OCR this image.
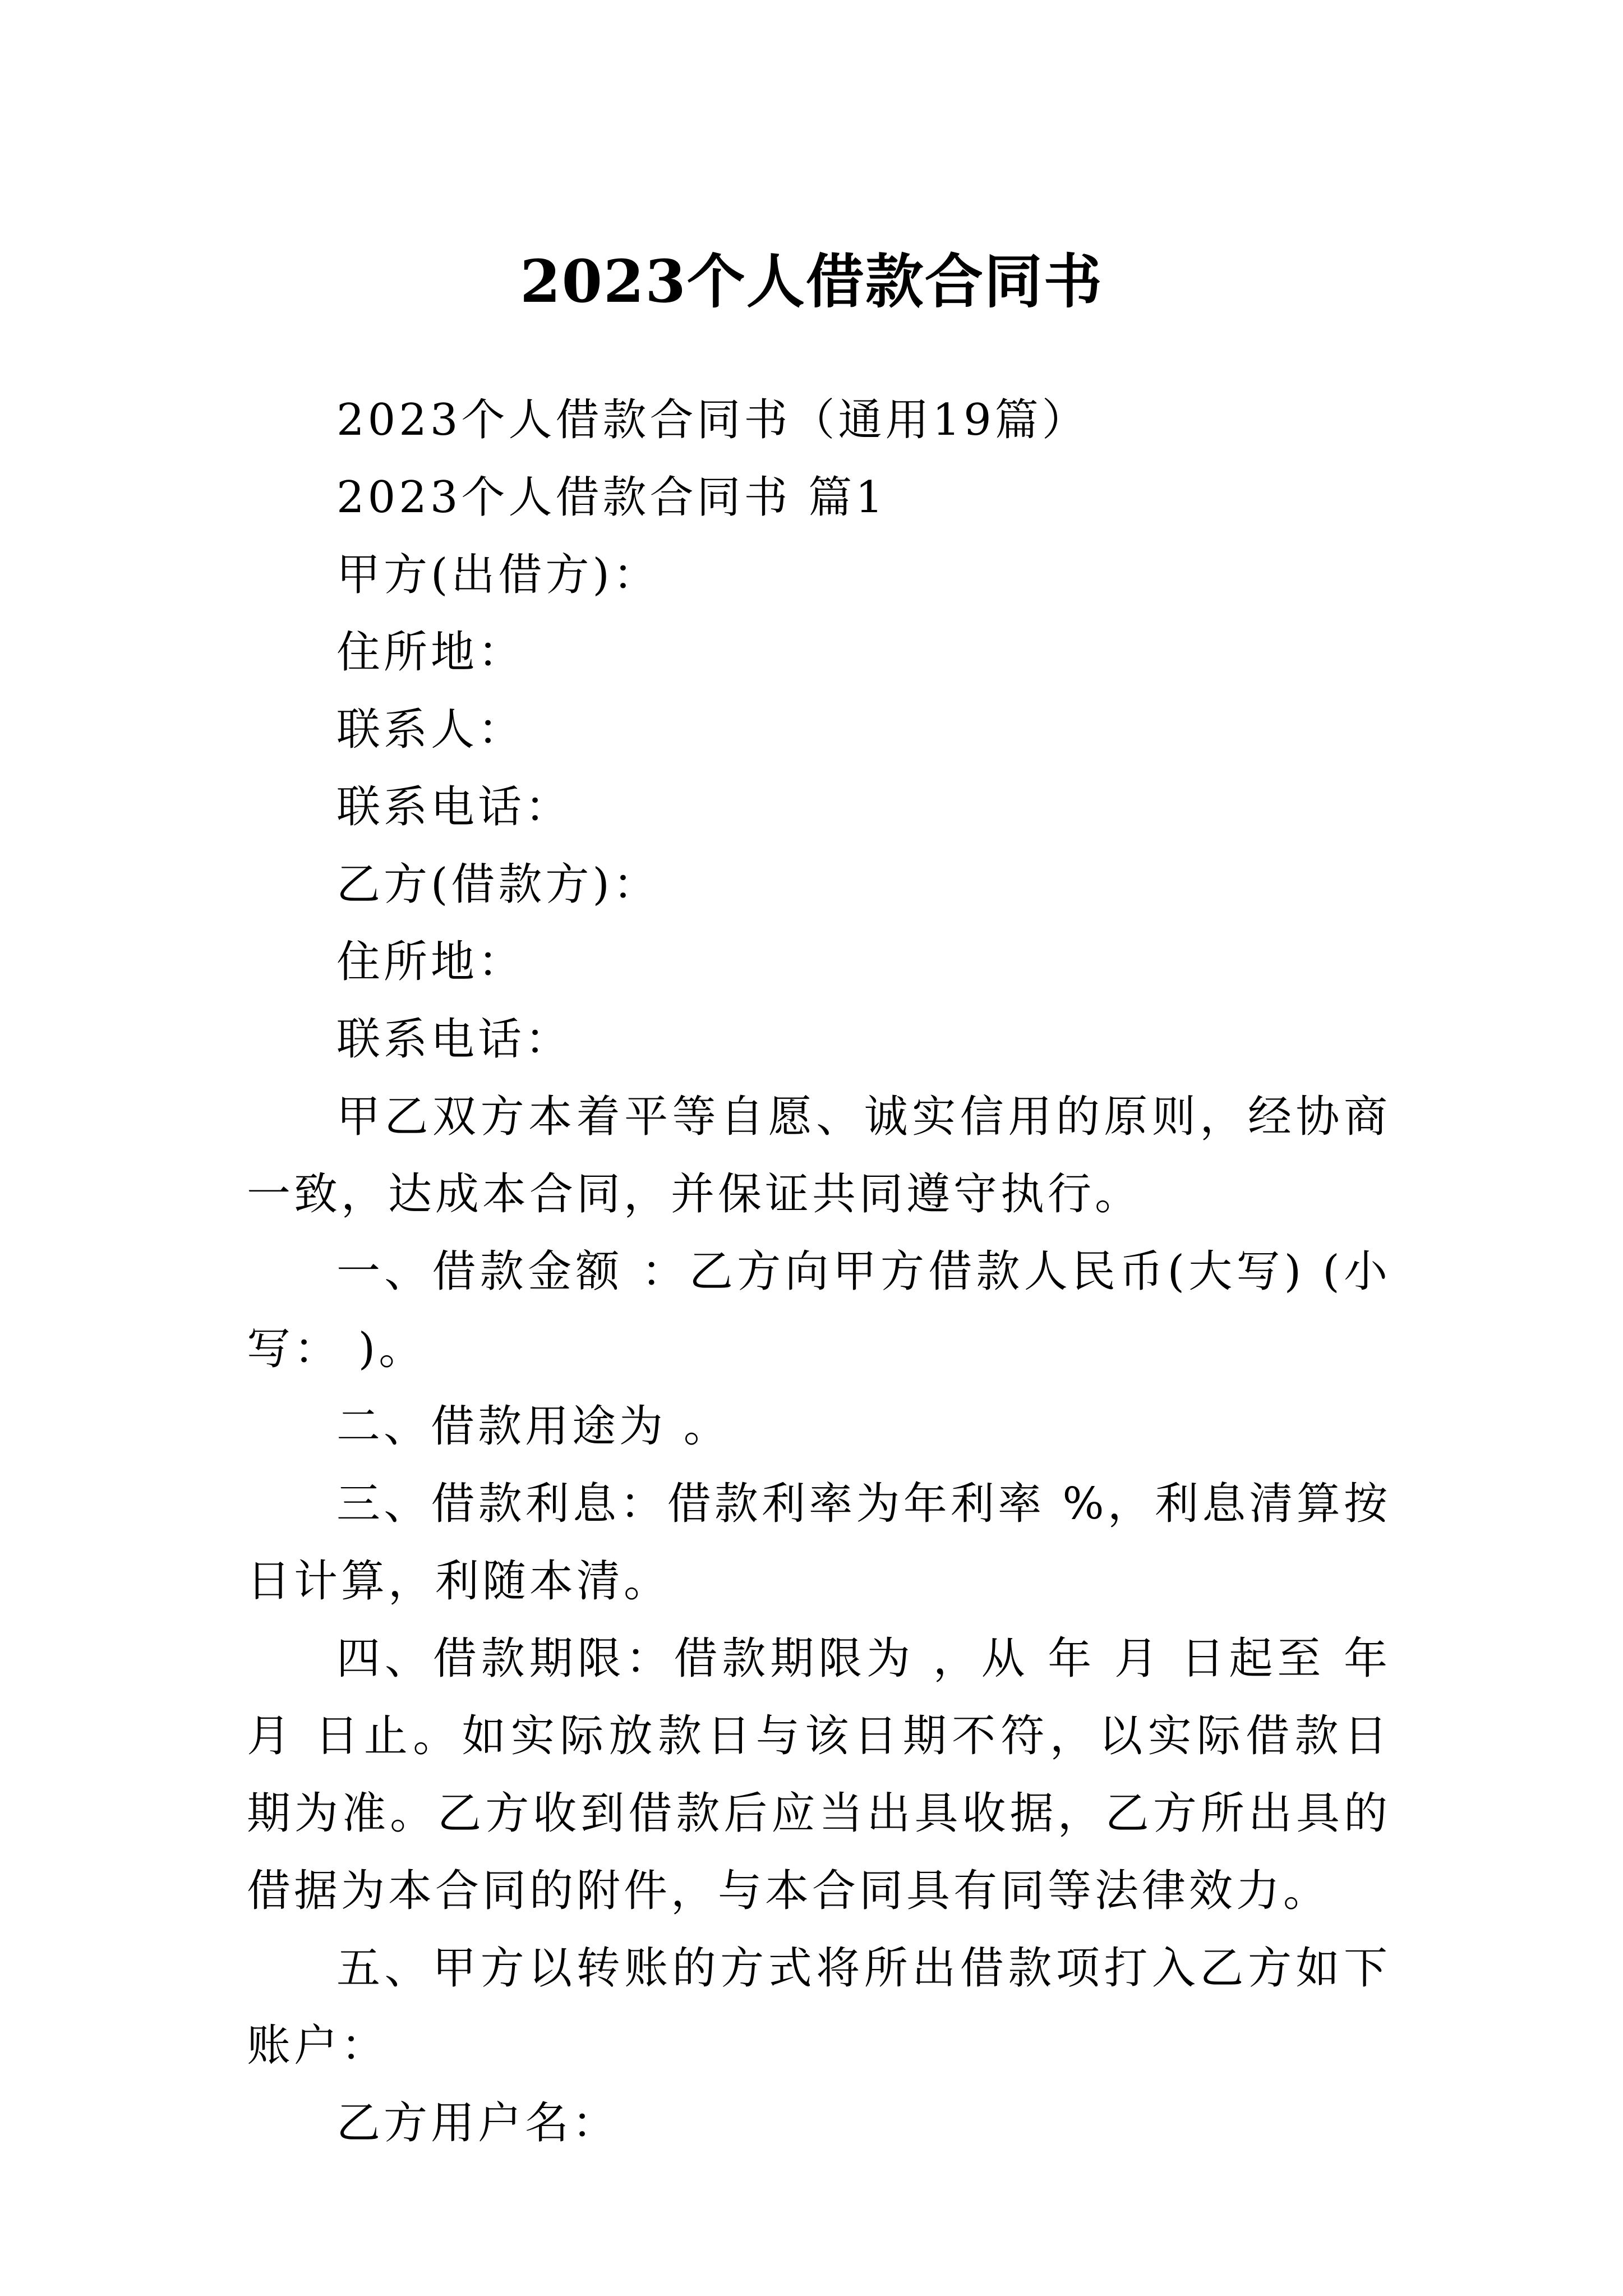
2023个人借款合同书

2023个人借款合同书（通用19篇）

2023个人借款合同书 篇1

甲方(出借方)：

住所地：

联系人：

联系电话：

乙方(借款方)：

住所地：

联系电话：

甲乙双方本着平等自愿、诚实信用的原则，经协商一致，达成本合同，并保证共同遵守执行。

一、借款金额 ：乙方向甲方借款人民币(大写) (小写： )。

二、借款用途为 。

三、借款利息：借款利率为年利率 %，利息清算按日计算，利随本清。

四、借款期限：借款期限为 ，从 年 月 日起至 年 月 日止。如实际放款日与该日期不符，以实际借款日期为准。乙方收到借款后应当出具收据，乙方所出具的借据为本合同的附件，与本合同具有同等法律效力。

五、甲方以转账的方式将所出借款项打入乙方如下账户：

乙方用户名：
